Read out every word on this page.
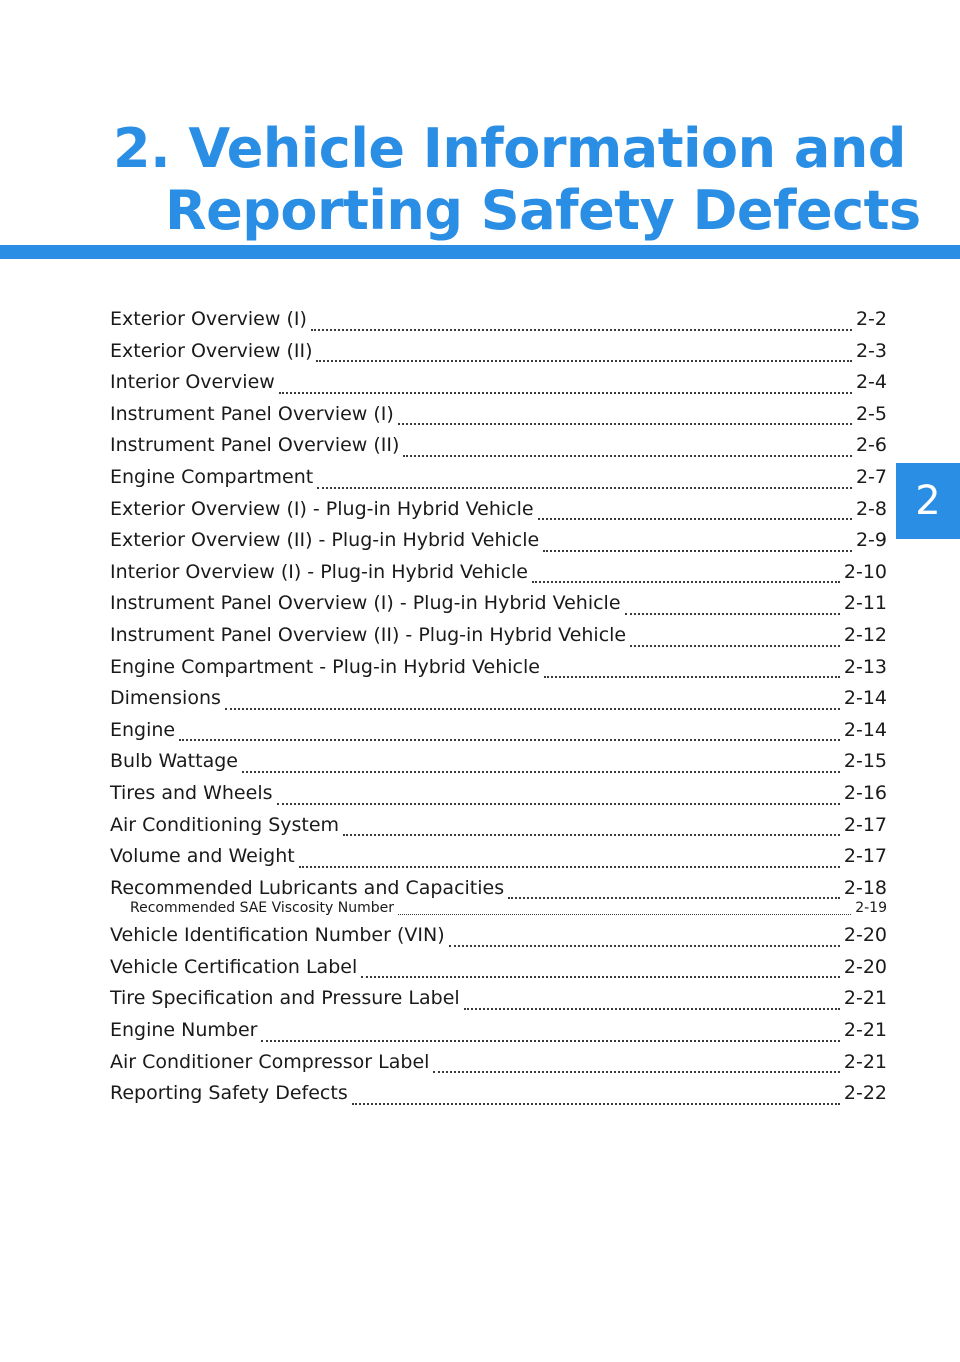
2. Vehicle Information and
Reporting Safety Defects
2
Exterior Overview (I)	2-2
Exterior Overview (II)	2-3
Interior Overview	2-4
Instrument Panel Overview (I)	2-5
Instrument Panel Overview (II)	2-6
Engine Compartment	2-7
Exterior Overview (I) - Plug-in Hybrid Vehicle	2-8
Exterior Overview (II) - Plug-in Hybrid Vehicle	2-9
Interior Overview (I) - Plug-in Hybrid Vehicle	2-10
Instrument Panel Overview (I) - Plug-in Hybrid Vehicle	2-11
Instrument Panel Overview (II) - Plug-in Hybrid Vehicle	2-12
Engine Compartment - Plug-in Hybrid Vehicle	2-13
Dimensions	2-14
Engine	2-14
Bulb Wattage	2-15
Tires and Wheels	2-16
Air Conditioning System	2-17
Volume and Weight	2-17
Recommended Lubricants and Capacities	2-18
Recommended SAE Viscosity Number	2-19
Vehicle Identification Number (VIN)	2-20
Vehicle Certification Label	2-20
Tire Specification and Pressure Label	2-21
Engine Number	2-21
Air Conditioner Compressor Label	2-21
Reporting Safety Defects	2-22
